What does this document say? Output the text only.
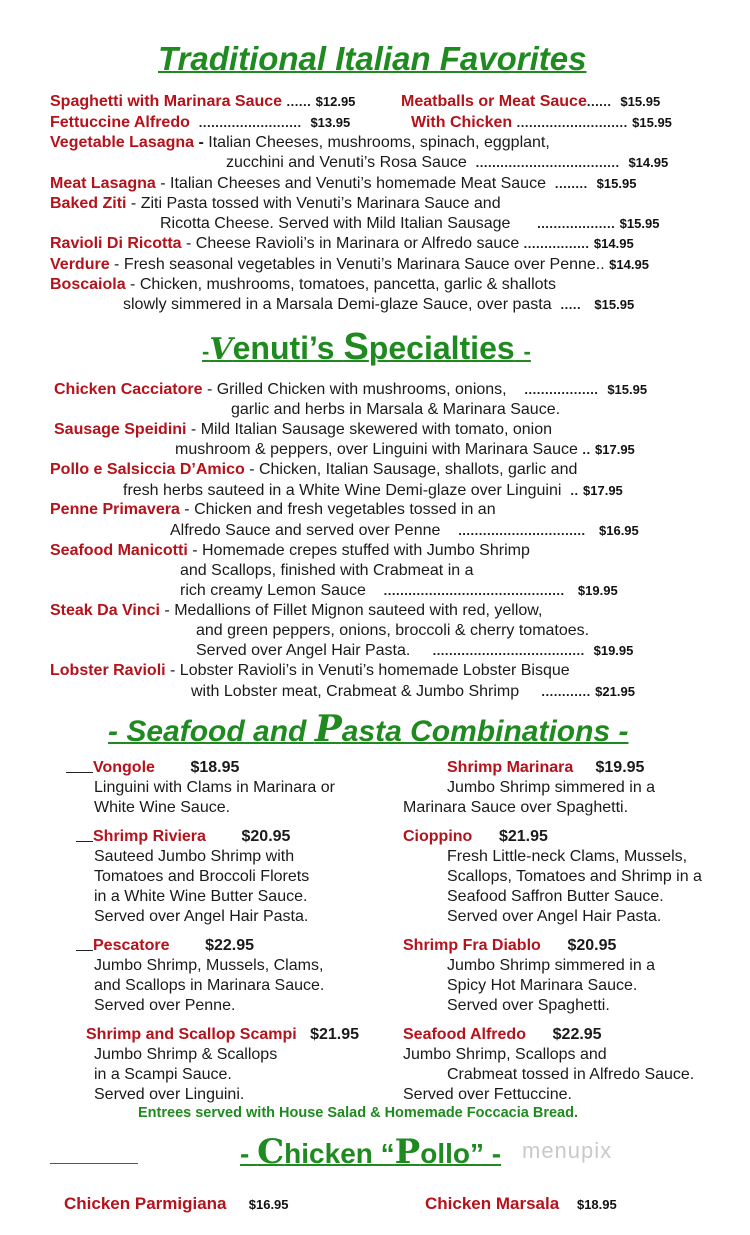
Traditional Italian Favorites
Spaghetti with Marinara Sauce ...... $12.95	Meatballs or Meat Sauce...... $15.95
Fettuccine Alfredo ......................... $13.95	With Chicken ........................... $15.95
Vegetable Lasagna - Italian Cheeses, mushrooms, spinach, eggplant,
zucchini and Venuti’s Rosa Sauce ................................... $14.95
Meat Lasagna - Italian Cheeses and Venuti’s homemade Meat Sauce ........ $15.95
Baked Ziti - Ziti Pasta tossed with Venuti’s Marinara Sauce and
Ricotta Cheese. Served with Mild Italian Sausage ................... $15.95
Ravioli Di Ricotta - Cheese Ravioli’s in Marinara or Alfredo sauce ................ $14.95
Verdure - Fresh seasonal vegetables in Venuti’s Marinara Sauce over Penne.. $14.95
Boscaiola - Chicken, mushrooms, tomatoes, pancetta, garlic & shallots
slowly simmered in a Marsala Demi-glaze Sauce, over pasta ..... $15.95
-Venuti’s Specialties -
Chicken Cacciatore - Grilled Chicken with mushrooms, onions, .................. $15.95
garlic and herbs in Marsala & Marinara Sauce.
Sausage Speidini - Mild Italian Sausage skewered with tomato, onion
mushroom & peppers, over Linguini with Marinara Sauce .. $17.95
Pollo e Salsiccia D’Amico - Chicken, Italian Sausage, shallots, garlic and
fresh herbs sauteed in a White Wine Demi-glaze over Linguini .. $17.95
Penne Primavera - Chicken and fresh vegetables tossed in an
Alfredo Sauce and served over Penne ............................... $16.95
Seafood Manicotti - Homemade crepes stuffed with Jumbo Shrimp
and Scallops, finished with Crabmeat in a
rich creamy Lemon Sauce ............................................ $19.95
Steak Da Vinci - Medallions of Fillet Mignon sauteed with red, yellow,
and green peppers, onions, broccoli & cherry tomatoes.
Served over Angel Hair Pasta. ..................................... $19.95
Lobster Ravioli - Lobster Ravioli’s in Venuti’s homemade Lobster Bisque
with Lobster meat, Crabmeat & Jumbo Shrimp ............ $21.95
- Seafood and Pasta Combinations -
Vongole $18.95
Linguini with Clams in Marinara or
White Wine Sauce.
Shrimp Riviera $20.95
Sauteed Jumbo Shrimp with
Tomatoes and Broccoli Florets
in a White Wine Butter Sauce.
Served over Angel Hair Pasta.
Pescatore $22.95
Jumbo Shrimp, Mussels, Clams,
and Scallops in Marinara Sauce.
Served over Penne.
Shrimp and Scallop Scampi $21.95
Jumbo Shrimp & Scallops
in a Scampi Sauce.
Served over Linguini.
Shrimp Marinara $19.95
Jumbo Shrimp simmered in a
Marinara Sauce over Spaghetti.
Cioppino $21.95
Fresh Little-neck Clams, Mussels,
Scallops, Tomatoes and Shrimp in a
Seafood Saffron Butter Sauce.
Served over Angel Hair Pasta.
Shrimp Fra Diablo $20.95
Jumbo Shrimp simmered in a
Spicy Hot Marinara Sauce.
Served over Spaghetti.
Seafood Alfredo $22.95
Jumbo Shrimp, Scallops and
Crabmeat tossed in Alfredo Sauce.
Served over Fettuccine.
Entrees served with House Salad & Homemade Foccacia Bread.
- Chicken “Pollo” - menupix
Chicken Parmigiana $16.95	Chicken Marsala $18.95
